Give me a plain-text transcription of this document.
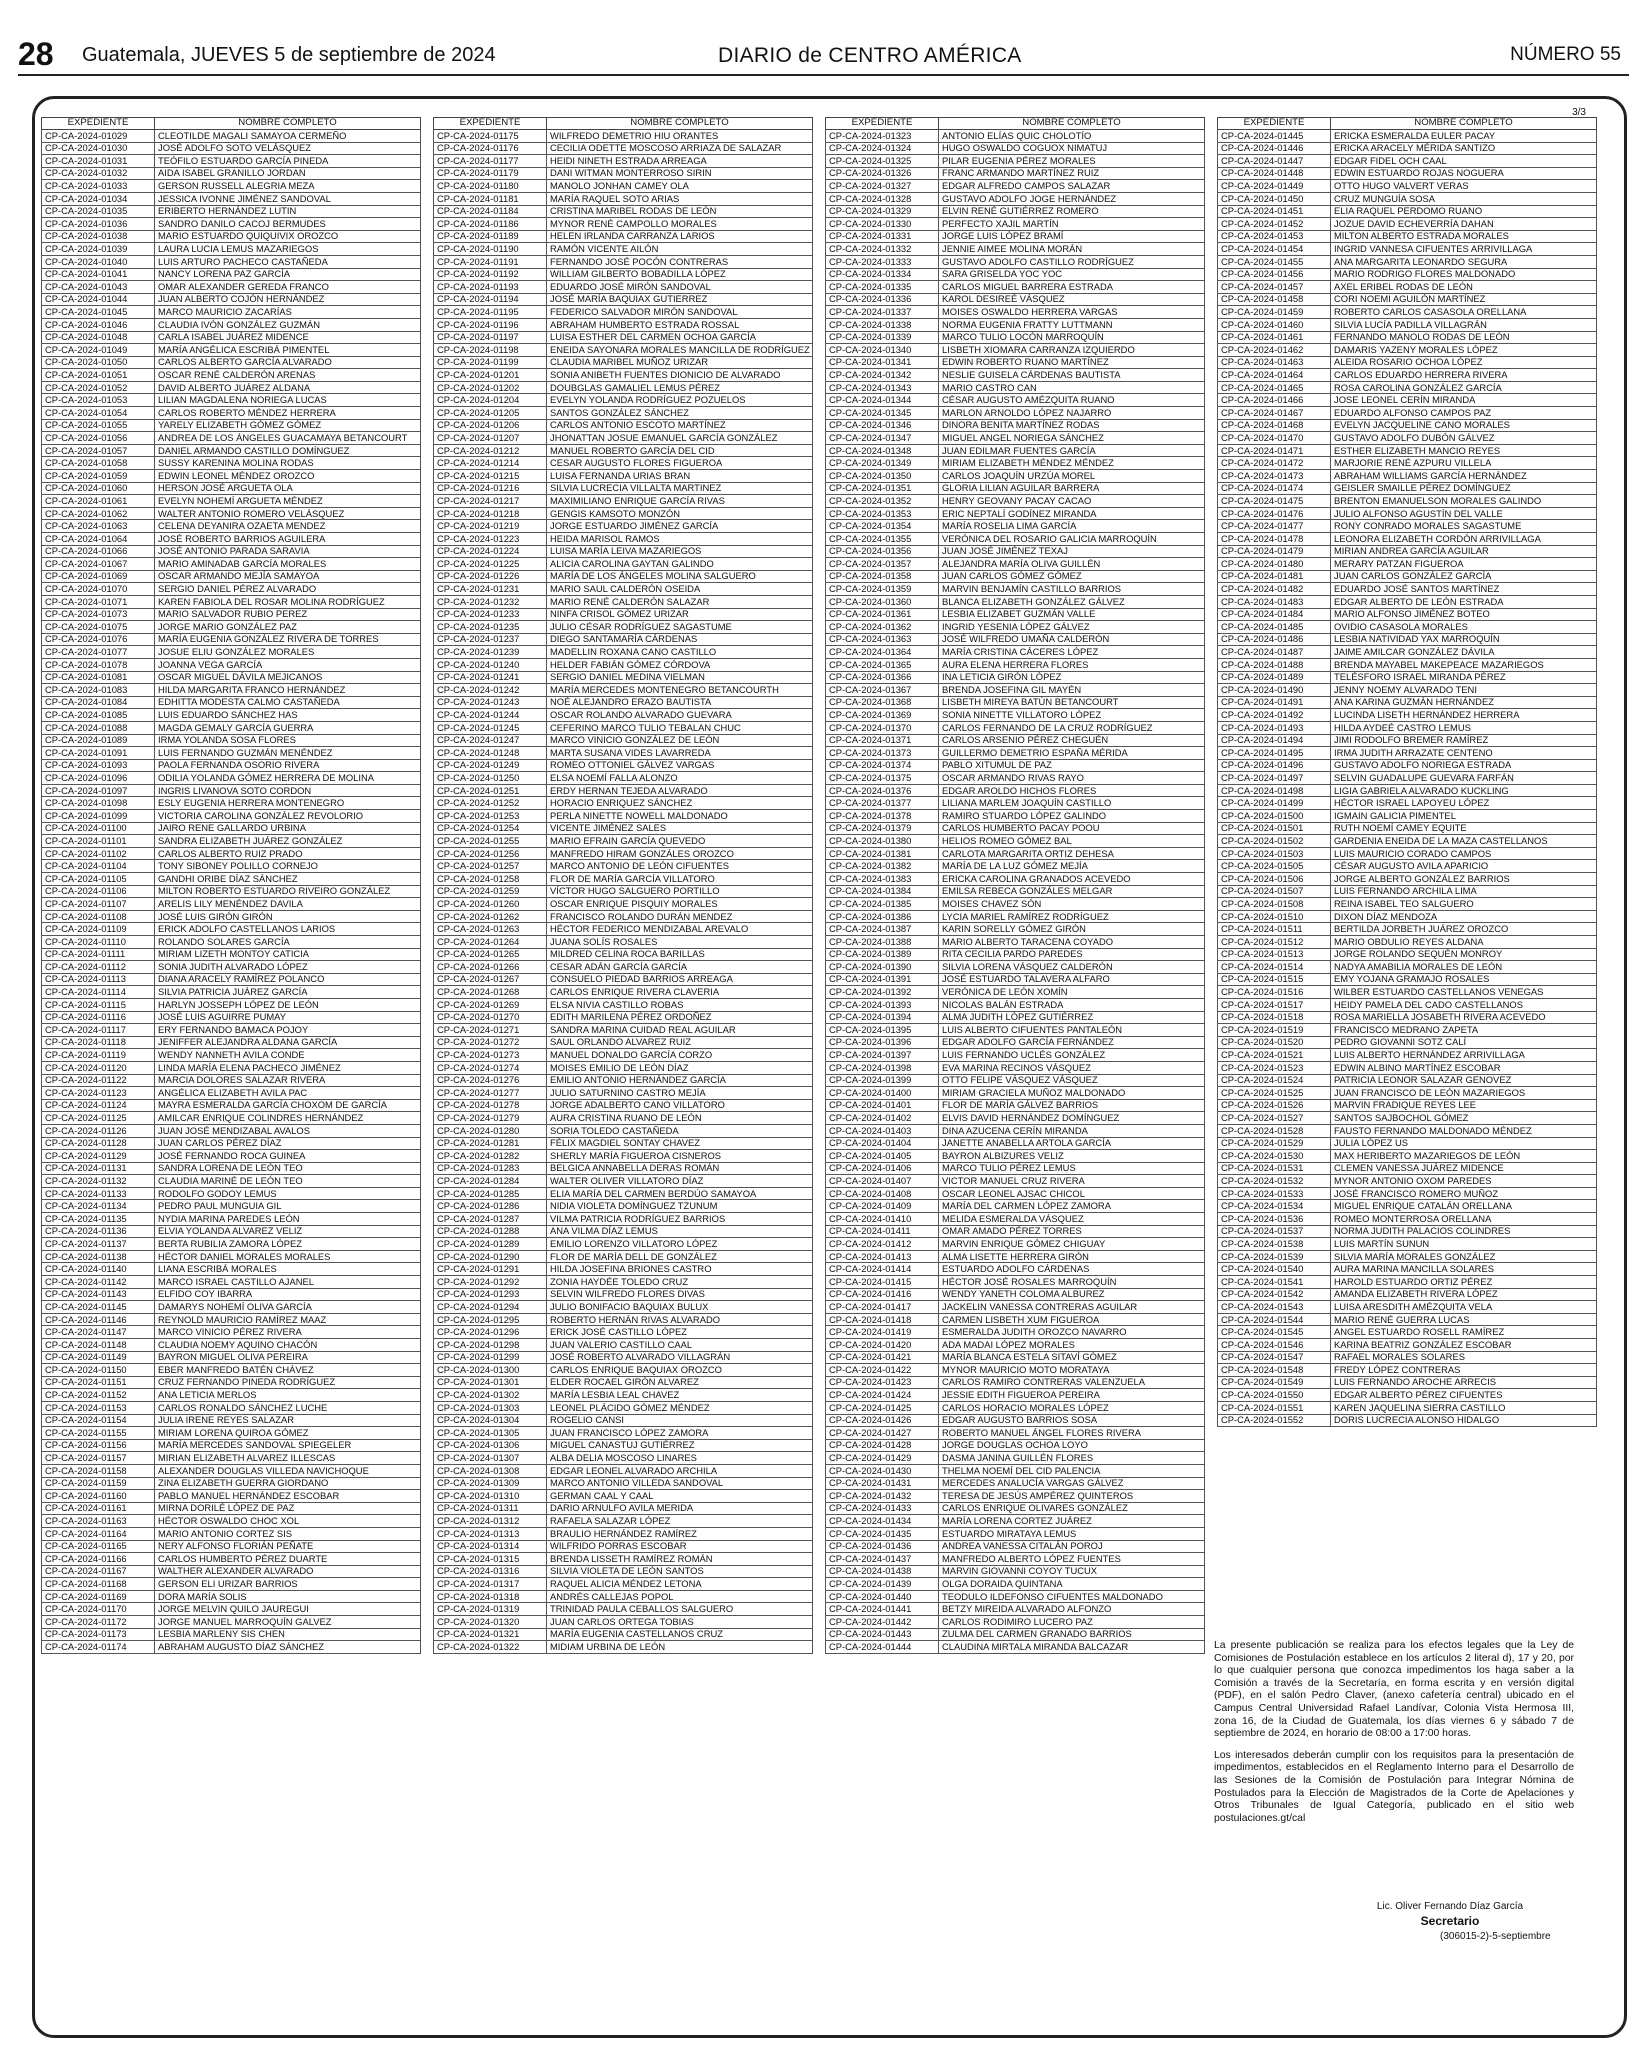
28 Guatemala, JUEVES 5 de septiembre de 2024	DIARIO de CENTRO AMÉRICA	NÚMERO 55
3/3
EXPEDIENTE	NOMBRE COMPLETO
CP-CA-2024-01029	CLEOTILDE MAGALI SAMAYOA CERMEÑO
CP-CA-2024-01030	JOSÉ ADOLFO SOTO VELÁSQUEZ
CP-CA-2024-01031	TEÓFILO ESTUARDO GARCÍA PINEDA
CP-CA-2024-01032	AIDA ISABEL GRANILLO JORDAN
CP-CA-2024-01033	GERSON RUSSELL ALEGRIA MEZA
CP-CA-2024-01034	JESSICA IVONNE JIMÉNEZ SANDOVAL
CP-CA-2024-01035	ERIBERTO HERNÁNDEZ LUTIN
CP-CA-2024-01036	SANDRO DANILO CACOJ BERMUDES
CP-CA-2024-01038	MARIO ESTUARDO QUIQUIVIX OROZCO
CP-CA-2024-01039	LAURA LUCIA LEMUS MAZARIEGOS
CP-CA-2024-01040	LUIS ARTURO PACHECO CASTAÑEDA
CP-CA-2024-01041	NANCY LORENA PAZ GARCÍA
CP-CA-2024-01043	OMAR ALEXANDER GEREDA FRANCO
CP-CA-2024-01044	JUAN ALBERTO COJÓN HERNÁNDEZ
CP-CA-2024-01045	MARCO MAURICIO ZACARÍAS
CP-CA-2024-01046	CLAUDIA IVÓN GONZÁLEZ GUZMÁN
CP-CA-2024-01048	CARLA ISABEL JUÁREZ MIDENCE
CP-CA-2024-01049	MARÍA ANGÉLICA ESCRIBÁ PIMENTEL
CP-CA-2024-01050	CARLOS ALBERTO GARCÍA ALVARADO
CP-CA-2024-01051	OSCAR RENÉ CALDERÓN ARENAS
CP-CA-2024-01052	DAVID ALBERTO JUÁREZ ALDANA
CP-CA-2024-01053	LILIAN MAGDALENA NORIEGA LUCAS
CP-CA-2024-01054	CARLOS ROBERTO MÉNDEZ HERRERA
CP-CA-2024-01055	YARELY ELIZABETH GÓMEZ GÓMEZ
CP-CA-2024-01056	ANDREA DE LOS ÁNGELES GUACAMAYA BETANCOURT
CP-CA-2024-01057	DANIEL ARMANDO CASTILLO DOMÍNGUEZ
CP-CA-2024-01058	SUSSY KARENINA MOLINA RODAS
CP-CA-2024-01059	EDWIN LEONEL MÉNDEZ OROZCO
CP-CA-2024-01060	HERSON JOSÉ ARGUETA OLA
CP-CA-2024-01061	EVELYN NOHEMÍ ARGUETA MÉNDEZ
CP-CA-2024-01062	WALTER ANTONIO ROMERO VELÁSQUEZ
CP-CA-2024-01063	CELENA DEYANIRA OZAETA MENDEZ
CP-CA-2024-01064	JOSÉ ROBERTO BARRIOS AGUILERA
CP-CA-2024-01066	JOSÉ ANTONIO PARADA SARAVIA
CP-CA-2024-01067	MARIO AMINADAB GARCÍA MORALES
CP-CA-2024-01069	OSCAR ARMANDO MEJÍA SAMAYOA
CP-CA-2024-01070	SERGIO DANIEL PÉREZ ALVARADO
CP-CA-2024-01071	KAREN FABIOLA DEL ROSAR MOLINA RODRÍGUEZ
CP-CA-2024-01073	MARIO SALVADOR RUBIO PEREZ
CP-CA-2024-01075	JORGE MARIO GONZÁLEZ PAZ
CP-CA-2024-01076	MARÍA EUGENIA GONZÁLEZ RIVERA DE TORRES
CP-CA-2024-01077	JOSUE ELIU GONZÁLEZ MORALES
CP-CA-2024-01078	JOANNA VEGA GARCÍA
CP-CA-2024-01081	OSCAR MIGUEL DÁVILA MEJICANOS
CP-CA-2024-01083	HILDA MARGARITA FRANCO HERNÁNDEZ
CP-CA-2024-01084	EDHITTA MODESTA CALMO CASTAÑEDA
CP-CA-2024-01085	LUIS EDUARDO SÁNCHEZ HAS
CP-CA-2024-01088	MAGDA GEMALY GARCÍA GUERRA
CP-CA-2024-01089	IRMA YOLANDA SOSA FLORES
CP-CA-2024-01091	LUIS FERNANDO GUZMÁN MENÉNDEZ
CP-CA-2024-01093	PAOLA FERNANDA OSORIO RIVERA
CP-CA-2024-01096	ODILIA YOLANDA GÓMEZ HERRERA DE MOLINA
CP-CA-2024-01097	INGRIS LIVANOVA SOTO CORDON
CP-CA-2024-01098	ESLY EUGENIA HERRERA MONTENEGRO
CP-CA-2024-01099	VICTORIA CAROLINA GONZÁLEZ REVOLORIO
CP-CA-2024-01100	JAIRO RENE GALLARDO URBINA
CP-CA-2024-01101	SANDRA ELIZABETH JUÁREZ GONZÁLEZ
CP-CA-2024-01102	CARLOS ALBERTO RUIZ PRADO
CP-CA-2024-01104	TONY SIBONEY POLILLO CORNEJO
CP-CA-2024-01105	GANDHI ORIBE DÍAZ SÁNCHEZ
CP-CA-2024-01106	MILTON ROBERTO ESTUARDO RIVEIRO GONZÁLEZ
CP-CA-2024-01107	ARELIS LILY MENÉNDEZ DAVILA
CP-CA-2024-01108	JOSÉ LUIS GIRÓN GIRÓN
CP-CA-2024-01109	ERICK ADOLFO CASTELLANOS LARIOS
CP-CA-2024-01110	ROLANDO SOLARES GARCÍA
CP-CA-2024-01111	MIRIAM LIZETH MONTOY CATICIA
CP-CA-2024-01112	SONIA JUDITH ALVARADO LÓPEZ
CP-CA-2024-01113	DIANA ARACELY RAMÍREZ POLANCO
CP-CA-2024-01114	SILVIA PATRICIA JUÁREZ GARCÍA
CP-CA-2024-01115	HARLYN JOSSEPH LÓPEZ DE LEÓN
CP-CA-2024-01116	JOSÉ LUIS AGUIRRE PUMAY
CP-CA-2024-01117	ERY FERNANDO BAMACA POJOY
CP-CA-2024-01118	JENIFFER ALEJANDRA ALDANA GARCÍA
CP-CA-2024-01119	WENDY NANNETH AVILA CONDE
CP-CA-2024-01120	LINDA MARÍA ELENA PACHECO JIMÉNEZ
CP-CA-2024-01122	MARCIA DOLORES SALAZAR RIVERA
CP-CA-2024-01123	ANGÉLICA ELIZABETH AVILA PAC
CP-CA-2024-01124	MAYRA ESMERALDA GARCÍA CHOXOM DE GARCÍA
CP-CA-2024-01125	AMILCAR ENRIQUE COLINDRES HERNÁNDEZ
CP-CA-2024-01126	JUAN JOSÉ MENDIZABAL AVALOS
CP-CA-2024-01128	JUAN CARLOS PÉREZ DÍAZ
CP-CA-2024-01129	JOSÉ FERNANDO ROCA GUINEA
CP-CA-2024-01131	SANDRA LORENA DE LEÓN TEO
CP-CA-2024-01132	CLAUDIA MARINÉ DE LEÓN TEO
CP-CA-2024-01133	RODOLFO GODOY LEMUS
CP-CA-2024-01134	PEDRO PAUL MUNGUIA GIL
CP-CA-2024-01135	NYDIA MARINA PAREDES LEÓN
CP-CA-2024-01136	ELVIA YOLANDA ALVAREZ VELIZ
CP-CA-2024-01137	BERTA RUBILIA ZAMORA LÓPEZ
CP-CA-2024-01138	HÉCTOR DANIEL MORALES MORALES
CP-CA-2024-01140	LIANA ESCRIBÁ MORALES
CP-CA-2024-01142	MARCO ISRAEL CASTILLO AJANEL
CP-CA-2024-01143	ELFIDO COY IBARRA
CP-CA-2024-01145	DAMARYS NOHEMÍ OLIVA GARCÍA
CP-CA-2024-01146	REYNOLD MAURICIO RAMÍREZ MAAZ
CP-CA-2024-01147	MARCO VINICIO PÉREZ RIVERA
CP-CA-2024-01148	CLAUDIA NOEMY AQUINO CHACÓN
CP-CA-2024-01149	BAYRON MIGUEL OLIVA PEREIRA
CP-CA-2024-01150	EBER MANFREDO BATÉN CHÁVEZ
CP-CA-2024-01151	CRUZ FERNANDO PINEDA RODRÍGUEZ
CP-CA-2024-01152	ANA LETICIA MERLOS
CP-CA-2024-01153	CARLOS RONALDO SÁNCHEZ LUCHE
CP-CA-2024-01154	JULIA IRENE REYES SALAZAR
CP-CA-2024-01155	MIRIAM LORENA QUIROA GÓMEZ
CP-CA-2024-01156	MARÍA MERCEDES SANDOVAL SPIEGELER
CP-CA-2024-01157	MIRIAN ELIZABETH ALVAREZ ILLESCAS
CP-CA-2024-01158	ALEXANDER DOUGLAS VILLEDA NAVICHOQUE
CP-CA-2024-01159	ZINA ELIZABETH GUERRA GIORDANO
CP-CA-2024-01160	PABLO MANUEL HERNÁNDEZ ESCOBAR
CP-CA-2024-01161	MIRNA DORILÉ LÓPEZ DE PAZ
CP-CA-2024-01163	HÉCTOR OSWALDO CHOC XOL
CP-CA-2024-01164	MARIO ANTONIO CORTEZ SIS
CP-CA-2024-01165	NERY ALFONSO FLORIÁN PEÑATE
CP-CA-2024-01166	CARLOS HUMBERTO PÉREZ DUARTE
CP-CA-2024-01167	WALTHER ALEXANDER ALVARADO
CP-CA-2024-01168	GERSON ELI URIZAR BARRIOS
CP-CA-2024-01169	DORA MARÍA SOLIS
CP-CA-2024-01170	JORGE MELVIN QUILO JAUREGUI
CP-CA-2024-01172	JORGE MANUEL MARROQUÍN GALVEZ
CP-CA-2024-01173	LESBIA MARLENY SIS CHEN
CP-CA-2024-01174	ABRAHAM AUGUSTO DÍAZ SÁNCHEZ
EXPEDIENTE	NOMBRE COMPLETO
CP-CA-2024-01175	WILFREDO DEMETRIO HIU ORANTES
CP-CA-2024-01176	CECILIA ODETTE MOSCOSO ARRIAZA DE SALAZAR
CP-CA-2024-01177	HEIDI NINETH ESTRADA ARREAGA
CP-CA-2024-01179	DANI WITMAN MONTERROSO SIRIN
CP-CA-2024-01180	MANOLO JONHAN CAMEY OLA
CP-CA-2024-01181	MARÍA RAQUEL SOTO ARIAS
CP-CA-2024-01184	CRISTINA MARIBEL RODAS DE LEÓN
CP-CA-2024-01186	MYNOR RENÉ CAMPOLLO MORALES
CP-CA-2024-01189	HELEN IRLANDA CARRANZA LARIOS
CP-CA-2024-01190	RAMÓN VICENTE AILÓN
CP-CA-2024-01191	FERNANDO JOSÉ POCÓN CONTRERAS
CP-CA-2024-01192	WILLIAM GILBERTO BOBADILLA LÓPEZ
CP-CA-2024-01193	EDUARDO JOSÉ MIRÓN SANDOVAL
CP-CA-2024-01194	JOSÉ MARÍA BAQUIAX GUTIERREZ
CP-CA-2024-01195	FEDERICO SALVADOR MIRÓN SANDOVAL
CP-CA-2024-01196	ABRAHAM HUMBERTO ESTRADA ROSSAL
CP-CA-2024-01197	LUISA ESTHER DEL CARMEN OCHOA GARCÍA
CP-CA-2024-01198	ENEIDA SAYONARA MORALES MANCILLA DE RODRÍGUEZ
CP-CA-2024-01199	CLAUDIA MARIBEL MUÑOZ URIZAR
CP-CA-2024-01201	SONIA ANIBETH FUENTES DIONICIO DE ALVARADO
CP-CA-2024-01202	DOUBGLAS GAMALIEL LEMUS PÉREZ
CP-CA-2024-01204	EVELYN YOLANDA RODRÍGUEZ POZUELOS
CP-CA-2024-01205	SANTOS GONZÁLEZ SÁNCHEZ
CP-CA-2024-01206	CARLOS ANTONIO ESCOTO MARTÍNEZ
CP-CA-2024-01207	JHONATTAN JOSUE EMANUEL GARCÍA GONZÁLEZ
CP-CA-2024-01212	MANUEL ROBERTO GARCÍA DEL CID
CP-CA-2024-01214	CESAR AUGUSTO FLORES FIGUEROA
CP-CA-2024-01215	LUISA FERNANDA URIAS BRAN
CP-CA-2024-01216	SILVIA LUCRECIA VILLALTA MARTINEZ
CP-CA-2024-01217	MAXIMILIANO ENRIQUE GARCÍA RIVAS
CP-CA-2024-01218	GENGIS KAMSOTO MONZÓN
CP-CA-2024-01219	JORGE ESTUARDO JIMÉNEZ GARCÍA
CP-CA-2024-01223	HEIDA MARISOL RAMOS
CP-CA-2024-01224	LUISA MARÍA LEIVA MAZARIEGOS
CP-CA-2024-01225	ALICIA CAROLINA GAYTAN GALINDO
CP-CA-2024-01226	MARÍA DE LOS ÁNGELES MOLINA SALGUERO
CP-CA-2024-01231	MARIO SAUL CALDERÓN OSEIDA
CP-CA-2024-01232	MARIO RENÉ CALDERÓN SALAZAR
CP-CA-2024-01233	NINFA CRISOL GÓMEZ URIZAR
CP-CA-2024-01235	JULIO CÉSAR RODRÍGUEZ SAGASTUME
CP-CA-2024-01237	DIEGO SANTAMARÍA CÁRDENAS
CP-CA-2024-01239	MADELLIN ROXANA CANO CASTILLO
CP-CA-2024-01240	HELDER FABIÁN GÓMEZ CÓRDOVA
CP-CA-2024-01241	SERGIO DANIEL MEDINA VIELMAN
CP-CA-2024-01242	MARÍA MERCEDES MONTENEGRO BETANCOURTH
CP-CA-2024-01243	NOÉ ALEJANDRO ERAZO BAUTISTA
CP-CA-2024-01244	OSCAR ROLANDO ALVARADO GUEVARA
CP-CA-2024-01245	CEFERINO MARCO TULIO TEBALAN CHUC
CP-CA-2024-01247	MARCO VINICIO GONZÁLEZ DE LEÓN
CP-CA-2024-01248	MARTA SUSANA VIDES LAVARREDA
CP-CA-2024-01249	ROMEO OTTONIEL GÁLVEZ VARGAS
CP-CA-2024-01250	ELSA NOEMÍ FALLA ALONZO
CP-CA-2024-01251	ERDY HERNAN TEJEDA ALVARADO
CP-CA-2024-01252	HORACIO ENRIQUEZ SÁNCHEZ
CP-CA-2024-01253	PERLA NINETTE NOWELL MALDONADO
CP-CA-2024-01254	VICENTE JIMÉNEZ SALES
CP-CA-2024-01255	MARIO EFRAIN GARCÍA QUEVEDO
CP-CA-2024-01256	MANFREDO HIRAM GONZÁLES OROZCO
CP-CA-2024-01257	MARCO ANTONIO DE LEÓN CIFUENTES
CP-CA-2024-01258	FLOR DE MARÍA GARCÍA VILLATORO
CP-CA-2024-01259	VÍCTOR HUGO SALGUERO PORTILLO
CP-CA-2024-01260	OSCAR ENRIQUE PISQUIY MORALES
CP-CA-2024-01262	FRANCISCO ROLANDO DURÁN MENDEZ
CP-CA-2024-01263	HÉCTOR FEDERICO MENDIZABAL AREVALO
CP-CA-2024-01264	JUANA SOLÍS ROSALES
CP-CA-2024-01265	MILDRED CELINA ROCA BARILLAS
CP-CA-2024-01266	CESAR ADÁN GARCÍA GARCÍA
CP-CA-2024-01267	CONSUELO PIEDAD BARRIOS ARREAGA
CP-CA-2024-01268	CARLOS ENRIQUE RIVERA CLAVERIA
CP-CA-2024-01269	ELSA NIVIA CASTILLO ROBAS
CP-CA-2024-01270	EDITH MARILENA PÉREZ ORDOÑEZ
CP-CA-2024-01271	SANDRA MARINA CUIDAD REAL AGUILAR
CP-CA-2024-01272	SAUL ORLANDO ALVAREZ RUIZ
CP-CA-2024-01273	MANUEL DONALDO GARCÍA CORZO
CP-CA-2024-01274	MOISES EMILIO DE LEÓN DÍAZ
CP-CA-2024-01276	EMILIO ANTONIO HERNÁNDEZ GARCÍA
CP-CA-2024-01277	JULIO SATURNINO CASTRO MEJÍA
CP-CA-2024-01278	JORGE ADALBERTO CANO VILLATORO
CP-CA-2024-01279	AURA CRISTINA RUANO DE LEÓN
CP-CA-2024-01280	SORIA TOLEDO CASTAÑEDA
CP-CA-2024-01281	FÉLIX MAGDIEL SONTAY CHAVEZ
CP-CA-2024-01282	SHERLY MARÍA FIGUEROA CISNEROS
CP-CA-2024-01283	BELGICA ANNABELLA DERAS ROMÁN
CP-CA-2024-01284	WALTER OLIVER VILLATORO DÍAZ
CP-CA-2024-01285	ELIA MARÍA DEL CARMEN BERDÚO SAMAYOA
CP-CA-2024-01286	NIDIA VIOLETA DOMÍNGUEZ TZUNUM
CP-CA-2024-01287	VILMA PATRICIA RODRÍGUEZ BARRIOS
CP-CA-2024-01288	ANA VILMA DÍAZ LEMUS
CP-CA-2024-01289	EMILIO LORENZO VILLATORO LÓPEZ
CP-CA-2024-01290	FLOR DE MARÍA DELL DE GONZÁLEZ
CP-CA-2024-01291	HILDA JOSEFINA BRIONES CASTRO
CP-CA-2024-01292	ZONIA HAYDÉE TOLEDO CRUZ
CP-CA-2024-01293	SELVIN WILFREDO FLORES DIVAS
CP-CA-2024-01294	JULIO BONIFACIO BAQUIAX BULUX
CP-CA-2024-01295	ROBERTO HERNÁN RIVAS ALVARADO
CP-CA-2024-01296	ERICK JOSÉ CASTILLO LÓPEZ
CP-CA-2024-01298	JUAN VALERIO CASTILLO CAAL
CP-CA-2024-01299	JOSÉ ROBERTO ALVARADO VILLAGRÁN
CP-CA-2024-01300	CARLOS ENRIQUE BAQUIAX OROZCO
CP-CA-2024-01301	ELDER ROCAEL GIRÓN ALVAREZ
CP-CA-2024-01302	MARÍA LESBIA LEAL CHAVEZ
CP-CA-2024-01303	LEONEL PLÁCIDO GÓMEZ MÉNDEZ
CP-CA-2024-01304	ROGELIO CANSI
CP-CA-2024-01305	JUAN FRANCISCO LÓPEZ ZAMORA
CP-CA-2024-01306	MIGUEL CANASTUJ GUTIÉRREZ
CP-CA-2024-01307	ALBA DELIA MOSCOSO LINARES
CP-CA-2024-01308	EDGAR LEONEL ALVARADO ARCHILA
CP-CA-2024-01309	MARCO ANTONIO VILLEDA SANDOVAL
CP-CA-2024-01310	GERMAN CAAL Y CAAL
CP-CA-2024-01311	DARIO ARNULFO AVILA MERIDA
CP-CA-2024-01312	RAFAELA SALAZAR LÓPEZ
CP-CA-2024-01313	BRAULIO HERNÁNDEZ RAMÍREZ
CP-CA-2024-01314	WILFRIDO PORRAS ESCOBAR
CP-CA-2024-01315	BRENDA LISSETH RAMÍREZ ROMÁN
CP-CA-2024-01316	SILVIA VIOLETA DE LEÓN SANTOS
CP-CA-2024-01317	RAQUEL ALICIA MÉNDEZ LETONA
CP-CA-2024-01318	ANDRÉS CALLEJAS POPOL
CP-CA-2024-01319	TRINIDAD PAULA CEBALLOS SALGUERO
CP-CA-2024-01320	JUAN CARLOS ORTEGA TOBIAS
CP-CA-2024-01321	MARÍA EUGENIA CASTELLANOS CRUZ
CP-CA-2024-01322	MIDIAM URBINA DE LEÓN
EXPEDIENTE	NOMBRE COMPLETO
CP-CA-2024-01323	ANTONIO ELÍAS QUIC CHOLOTÍO
CP-CA-2024-01324	HUGO OSWALDO COGUOX NIMATUJ
CP-CA-2024-01325	PILAR EUGENIA PÉREZ MORALES
CP-CA-2024-01326	FRANC ARMANDO MARTÍNEZ RUIZ
CP-CA-2024-01327	EDGAR ALFREDO CAMPOS SALAZAR
CP-CA-2024-01328	GUSTAVO ADOLFO JOGE HERNÁNDEZ
CP-CA-2024-01329	ELVIN RENÉ GUTIÉRREZ ROMERO
CP-CA-2024-01330	PERFECTO XAJIL MARTÍN
CP-CA-2024-01331	JORGE LUIS LÓPEZ BRAMÍ
CP-CA-2024-01332	JENNIE AIMEE MOLINA MORÁN
CP-CA-2024-01333	GUSTAVO ADOLFO CASTILLO RODRÍGUEZ
CP-CA-2024-01334	SARA GRISELDA YOC YOC
CP-CA-2024-01335	CARLOS MIGUEL BARRERA ESTRADA
CP-CA-2024-01336	KAROL DESIREÉ VÁSQUEZ
CP-CA-2024-01337	MOISES OSWALDO HERRERA VARGAS
CP-CA-2024-01338	NORMA EUGENIA FRATTY LUTTMANN
CP-CA-2024-01339	MARCO TULIO LOCÓN MARROQUÍN
CP-CA-2024-01340	LISBETH XIOMARA CARRANZA IZQUIERDO
CP-CA-2024-01341	EDWIN ROBERTO RUANO MARTÍNEZ
CP-CA-2024-01342	NESLIE GUISELA CÁRDENAS BAUTISTA
CP-CA-2024-01343	MARIO CASTRO CAN
CP-CA-2024-01344	CÉSAR AUGUSTO AMÉZQUITA RUANO
CP-CA-2024-01345	MARLON ARNOLDO LÓPEZ NAJARRO
CP-CA-2024-01346	DINORA BENITA MARTÍNEZ RODAS
CP-CA-2024-01347	MIGUEL ANGEL NORIEGA SÁNCHEZ
CP-CA-2024-01348	JUAN EDILMAR FUENTES GARCÍA
CP-CA-2024-01349	MIRIAM ELIZABETH MÉNDEZ MÉNDEZ
CP-CA-2024-01350	CARLOS JOAQUÍN URZÚA MOREL
CP-CA-2024-01351	GLORIA LILIAN AGUILAR BARRERA
CP-CA-2024-01352	HENRY GEOVANY PACAY CACAO
CP-CA-2024-01353	ERIC NEPTALÍ GODÍNEZ MIRANDA
CP-CA-2024-01354	MARÍA ROSELIA LIMA GARCÍA
CP-CA-2024-01355	VERÓNICA DEL ROSARIO GALICIA MARROQUÍN
CP-CA-2024-01356	JUAN JOSÉ JIMÉNEZ TEXAJ
CP-CA-2024-01357	ALEJANDRA MARÍA OLIVA GUILLÉN
CP-CA-2024-01358	JUAN CARLOS GÓMEZ GÓMEZ
CP-CA-2024-01359	MARVIN BENJAMÍN CASTILLO BARRIOS
CP-CA-2024-01360	BLANCA ELIZABETH GONZÁLEZ GÁLVEZ
CP-CA-2024-01361	LESBIA ELIZABET GUZMÁN VALLE
CP-CA-2024-01362	INGRID YESENIA LÓPEZ GÁLVEZ
CP-CA-2024-01363	JOSÉ WILFREDO UMAÑA CALDERÓN
CP-CA-2024-01364	MARÍA CRISTINA CÁCERES LÓPEZ
CP-CA-2024-01365	AURA ELENA HERRERA FLORES
CP-CA-2024-01366	INA LETICIA GIRÓN LÓPEZ
CP-CA-2024-01367	BRENDA JOSEFINA GIL MAYÉN
CP-CA-2024-01368	LISBETH MIREYA BATÚN BETANCOURT
CP-CA-2024-01369	SONIA NINETTE VILLATORO LÓPEZ
CP-CA-2024-01370	CARLOS FERNANDO DE LA CRUZ RODRÍGUEZ
CP-CA-2024-01371	CARLOS ARSENIO PÉREZ CHEGUÉN
CP-CA-2024-01373	GUILLERMO DEMETRIO ESPAÑA MÉRIDA
CP-CA-2024-01374	PABLO XITUMUL DE PAZ
CP-CA-2024-01375	OSCAR ARMANDO RIVAS RAYO
CP-CA-2024-01376	EDGAR AROLDO HICHOS FLORES
CP-CA-2024-01377	LILIANA MARLEM JOAQUÍN CASTILLO
CP-CA-2024-01378	RAMIRO STUARDO LÓPEZ GALINDO
CP-CA-2024-01379	CARLOS HUMBERTO PACAY POOU
CP-CA-2024-01380	HELIOS ROMEO GÓMEZ BAL
CP-CA-2024-01381	CARLOTA MARGARITA ORTIZ DEHESA
CP-CA-2024-01382	MARÍA DE LA LUZ GÓMEZ MEJÍA
CP-CA-2024-01383	ERICKA CAROLINA GRANADOS ACEVEDO
CP-CA-2024-01384	EMILSA REBECA GONZÁLES MELGAR
CP-CA-2024-01385	MOISES CHAVEZ SÓN
CP-CA-2024-01386	LYCIA MARIEL RAMÍREZ RODRÍGUEZ
CP-CA-2024-01387	KARIN SORELLY GÓMEZ GIRÓN
CP-CA-2024-01388	MARIO ALBERTO TARACENA COYADO
CP-CA-2024-01389	RITA CECILIA PARDO PAREDES
CP-CA-2024-01390	SILVIA LORENA VÁSQUEZ CALDERÓN
CP-CA-2024-01391	JOSÉ ESTUARDO TALAVERA ALFARO
CP-CA-2024-01392	VERÓNICA DE LEÓN XOMÍN
CP-CA-2024-01393	NICOLAS BALÁN ESTRADA
CP-CA-2024-01394	ALMA JUDITH LÓPEZ GUTIÉRREZ
CP-CA-2024-01395	LUIS ALBERTO CIFUENTES PANTALEÓN
CP-CA-2024-01396	EDGAR ADOLFO GARCÍA FERNÁNDEZ
CP-CA-2024-01397	LUIS FERNANDO UCLÉS GONZÁLEZ
CP-CA-2024-01398	EVA MARINA RECINOS VÁSQUEZ
CP-CA-2024-01399	OTTO FELIPE VÁSQUEZ VÁSQUEZ
CP-CA-2024-01400	MIRIAM GRACIELA MUÑOZ MALDONADO
CP-CA-2024-01401	FLOR DE MARÍA GÁLVEZ BARRIOS
CP-CA-2024-01402	ELVIS DAVID HERNÁNDEZ DOMÍNGUEZ
CP-CA-2024-01403	DINA AZUCENA CERÍN MIRANDA
CP-CA-2024-01404	JANETTE ANABELLA ARTOLA GARCÍA
CP-CA-2024-01405	BAYRON ALBIZURES VELIZ
CP-CA-2024-01406	MARCO TULIO PÉREZ LEMUS
CP-CA-2024-01407	VICTOR MANUEL CRUZ RIVERA
CP-CA-2024-01408	OSCAR LEONEL AJSAC CHICOL
CP-CA-2024-01409	MARÍA DEL CARMEN LÓPEZ ZAMORA
CP-CA-2024-01410	MELIDA ESMERALDA VÁSQUEZ
CP-CA-2024-01411	OMAR AMADO PÉREZ TORRES
CP-CA-2024-01412	MARVIN ENRIQUE GÓMEZ CHIGUAY
CP-CA-2024-01413	ALMA LISETTE HERRERA GIRÓN
CP-CA-2024-01414	ESTUARDO ADOLFO CÁRDENAS
CP-CA-2024-01415	HÉCTOR JOSÉ ROSALES MARROQUÍN
CP-CA-2024-01416	WENDY YANETH COLOMA ALBUREZ
CP-CA-2024-01417	JACKELIN VANESSA CONTRERAS AGUILAR
CP-CA-2024-01418	CARMEN LISBETH XUM FIGUEROA
CP-CA-2024-01419	ESMERALDA JUDITH OROZCO NAVARRO
CP-CA-2024-01420	ADA MADAI LÓPEZ MORALES
CP-CA-2024-01421	MARÍA BLANCA ESTELA SITAVÍ GÓMEZ
CP-CA-2024-01422	MYNOR MAURICIO MOTO MORATAYA
CP-CA-2024-01423	CARLOS RAMIRO CONTRERAS VALENZUELA
CP-CA-2024-01424	JESSIE EDITH FIGUEROA PEREIRA
CP-CA-2024-01425	CARLOS HORACIO MORALES LÓPEZ
CP-CA-2024-01426	EDGAR AUGUSTO BARRIOS SOSA
CP-CA-2024-01427	ROBERTO MANUEL ÁNGEL FLORES RIVERA
CP-CA-2024-01428	JORGE DOUGLAS OCHOA LOYO
CP-CA-2024-01429	DASMA JANINA GUILLÉN FLORES
CP-CA-2024-01430	THELMA NOEMÍ DEL CID PALENCIA
CP-CA-2024-01431	MERCEDES ANALUCÍA VARGAS GÁLVEZ
CP-CA-2024-01432	TERESA DE JESÚS AMPÉREZ QUINTEROS
CP-CA-2024-01433	CARLOS ENRIQUE OLIVARES GONZÁLEZ
CP-CA-2024-01434	MARÍA LORENA CORTEZ JUÁREZ
CP-CA-2024-01435	ESTUARDO MIRATAYA LEMUS
CP-CA-2024-01436	ANDREA VANESSA CITALÁN POROJ
CP-CA-2024-01437	MANFREDO ALBERTO LÓPEZ FUENTES
CP-CA-2024-01438	MARVIN GIOVANNI COYOY TUCUX
CP-CA-2024-01439	OLGA DORAIDA QUINTANA
CP-CA-2024-01440	TEODULO ILDEFONSO CIFUENTES MALDONADO
CP-CA-2024-01441	BETZY MIREIDA ALVARADO ALFONZO
CP-CA-2024-01442	CARLOS RODIMIRO LUCERO PAZ
CP-CA-2024-01443	ZULMA DEL CARMEN GRANADO BARRIOS
CP-CA-2024-01444	CLAUDINA MIRTALA MIRANDA BALCAZAR
EXPEDIENTE	NOMBRE COMPLETO
CP-CA-2024-01445	ERICKA ESMERALDA EULER PACAY
CP-CA-2024-01446	ERICKA ARACELY MÉRIDA SANTIZO
CP-CA-2024-01447	EDGAR FIDEL OCH CAAL
CP-CA-2024-01448	EDWIN ESTUARDO ROJAS NOGUERA
CP-CA-2024-01449	OTTO HUGO VALVERT VERAS
CP-CA-2024-01450	CRUZ MUNGUÍA SOSA
CP-CA-2024-01451	ELIA RAQUEL PERDOMO RUANO
CP-CA-2024-01452	JOZUE DAVID ECHEVERRÍA DAHAN
CP-CA-2024-01453	MILTON ALBERTO ESTRADA MORALES
CP-CA-2024-01454	INGRID VANNESA CIFUENTES ARRIVILLAGA
CP-CA-2024-01455	ANA MARGARITA LEONARDO SEGURA
CP-CA-2024-01456	MARIO RODRIGO FLORES MALDONADO
CP-CA-2024-01457	AXEL ERIBEL RODAS DE LEÓN
CP-CA-2024-01458	CORI NOEMI AGUILÓN MARTÍNEZ
CP-CA-2024-01459	ROBERTO CARLOS CASASOLA ORELLANA
CP-CA-2024-01460	SILVIA LUCÍA PADILLA VILLAGRÁN
CP-CA-2024-01461	FERNANDO MANOLO RODAS DE LEÓN
CP-CA-2024-01462	DAMARIS YAZENY MORALES LÓPEZ
CP-CA-2024-01463	ALEIDA ROSARIO OCHOA LÓPEZ
CP-CA-2024-01464	CARLOS EDUARDO HERRERA RIVERA
CP-CA-2024-01465	ROSA CAROLINA GONZÁLEZ GARCÍA
CP-CA-2024-01466	JOSE LEONEL CERÍN MIRANDA
CP-CA-2024-01467	EDUARDO ALFONSO CAMPOS PAZ
CP-CA-2024-01468	EVELYN JACQUELINE CANO MORALES
CP-CA-2024-01470	GUSTAVO ADOLFO DUBÓN GÁLVEZ
CP-CA-2024-01471	ESTHER ELIZABETH MANCIO REYES
CP-CA-2024-01472	MARJORIE RENÉ AZPURU VILLELA
CP-CA-2024-01473	ABRAHAM WILLIAMS GARCÍA HERNÁNDEZ
CP-CA-2024-01474	GEISLER SMAILLE PÉREZ DOMÍNGUEZ
CP-CA-2024-01475	BRENTON EMANUELSON MORALES GALINDO
CP-CA-2024-01476	JULIO ALFONSO AGUSTÍN DEL VALLE
CP-CA-2024-01477	RONY CONRADO MORALES SAGASTUME
CP-CA-2024-01478	LEONORA ELIZABETH CORDÓN ARRIVILLAGA
CP-CA-2024-01479	MIRIAN ANDREA GARCÍA AGUILAR
CP-CA-2024-01480	MERARY PATZAN FIGUEROA
CP-CA-2024-01481	JUAN CARLOS GONZÁLEZ GARCÍA
CP-CA-2024-01482	EDUARDO JOSÉ SANTOS MARTÍNEZ
CP-CA-2024-01483	EDGAR ALBERTO DE LEÓN ESTRADA
CP-CA-2024-01484	MARIO ALFONSO JIMÉNEZ BOTEO
CP-CA-2024-01485	OVIDIO CASASOLA MORALES
CP-CA-2024-01486	LESBIA NATIVIDAD YAX MARROQUÍN
CP-CA-2024-01487	JAIME AMILCAR GONZÁLEZ DÁVILA
CP-CA-2024-01488	BRENDA MAYABEL MAKEPEACE MAZARIEGOS
CP-CA-2024-01489	TELÉSFORO ISRAEL MIRANDA PÉREZ
CP-CA-2024-01490	JENNY NOEMY ALVARADO TENI
CP-CA-2024-01491	ANA KARINA GUZMÁN HERNÁNDEZ
CP-CA-2024-01492	LUCINDA LISETH HERNÁNDEZ HERRERA
CP-CA-2024-01493	HILDA AYDEÉ CASTRO LEMUS
CP-CA-2024-01494	JIMI RODOLFO BREMER RAMÍREZ
CP-CA-2024-01495	IRMA JUDITH ARRAZATE CENTENO
CP-CA-2024-01496	GUSTAVO ADOLFO NORIEGA ESTRADA
CP-CA-2024-01497	SELVIN GUADALUPE GUEVARA FARFÁN
CP-CA-2024-01498	LIGIA GABRIELA ALVARADO KUCKLING
CP-CA-2024-01499	HÉCTOR ISRAEL LAPOYEU LÓPEZ
CP-CA-2024-01500	IGMAIN GALICIA PIMENTEL
CP-CA-2024-01501	RUTH NOEMÍ CAMEY EQUITE
CP-CA-2024-01502	GARDENIA ENEIDA DE LA MAZA CASTELLANOS
CP-CA-2024-01503	LUIS MAURICIO CORADO CAMPOS
CP-CA-2024-01505	CÉSAR AUGUSTO AVILA APARICIO
CP-CA-2024-01506	JORGE ALBERTO GONZÁLEZ BARRIOS
CP-CA-2024-01507	LUIS FERNANDO ARCHILA LIMA
CP-CA-2024-01508	REINA ISABEL TEO SALGUERO
CP-CA-2024-01510	DIXON DÍAZ MENDOZA
CP-CA-2024-01511	BERTILDA JORBETH JUÁREZ OROZCO
CP-CA-2024-01512	MARIO OBDULIO REYES ALDANA
CP-CA-2024-01513	JORGE ROLANDO SEQUÉN MONROY
CP-CA-2024-01514	NADYA AMABILIA MORALES DE LEÓN
CP-CA-2024-01515	EMY YOJANA GRAMAJO ROSALES
CP-CA-2024-01516	WILBER ESTUARDO CASTELLANOS VENEGAS
CP-CA-2024-01517	HEIDY PAMELA DEL CADO CASTELLANOS
CP-CA-2024-01518	ROSA MARIELLA JOSABETH RIVERA ACEVEDO
CP-CA-2024-01519	FRANCISCO MEDRANO ZAPETA
CP-CA-2024-01520	PEDRO GIOVANNI SOTZ CALÍ
CP-CA-2024-01521	LUIS ALBERTO HERNÁNDEZ ARRIVILLAGA
CP-CA-2024-01523	EDWIN ALBINO MARTÍNEZ ESCOBAR
CP-CA-2024-01524	PATRICIA LEONOR SALAZAR GENOVEZ
CP-CA-2024-01525	JUAN FRANCISCO DE LEÓN MAZARIEGOS
CP-CA-2024-01526	MARVIN FRADIQUE REYES LEE
CP-CA-2024-01527	SANTOS SAJBOCHOL GÓMEZ
CP-CA-2024-01528	FAUSTO FERNANDO MALDONADO MÉNDEZ
CP-CA-2024-01529	JULIA LÓPEZ US
CP-CA-2024-01530	MAX HERIBERTO MAZARIEGOS DE LEÓN
CP-CA-2024-01531	CLEMEN VANESSA JUÁREZ MIDENCE
CP-CA-2024-01532	MYNOR ANTONIO OXOM PAREDES
CP-CA-2024-01533	JOSÉ FRANCISCO ROMERO MUÑOZ
CP-CA-2024-01534	MIGUEL ENRIQUE CATALÁN ORELLANA
CP-CA-2024-01536	ROMEO MONTERROSA ORELLANA
CP-CA-2024-01537	NORMA JUDITH PALACIOS COLINDRES
CP-CA-2024-01538	LUIS MARTÍN SUNUN
CP-CA-2024-01539	SILVIA MARÍA MORALES GONZÁLEZ
CP-CA-2024-01540	AURA MARINA MANCILLA SOLARES
CP-CA-2024-01541	HAROLD ESTUARDO ORTIZ PÉREZ
CP-CA-2024-01542	AMANDA ELIZABETH RIVERA LÓPEZ
CP-CA-2024-01543	LUISA ARESDITH AMÉZQUITA VELA
CP-CA-2024-01544	MARIO RENÉ GUERRA LUCAS
CP-CA-2024-01545	ANGEL ESTUARDO ROSELL RAMÍREZ
CP-CA-2024-01546	KARINA BEATRIZ GONZÁLEZ ESCOBAR
CP-CA-2024-01547	RAFAEL MORALES SOLARES
CP-CA-2024-01548	FREDY LÓPEZ CONTRERAS
CP-CA-2024-01549	LUIS FERNANDO AROCHE ARRECIS
CP-CA-2024-01550	EDGAR ALBERTO PÉREZ CIFUENTES
CP-CA-2024-01551	KAREN JAQUELINA SIERRA CASTILLO
CP-CA-2024-01552	DORIS LUCRECIA ALONSO HIDALGO

La presente publicación se realiza para los efectos legales que la Ley de Comisiones de Postulación establece en los artículos 2 literal d), 17 y 20, por lo que cualquier persona que conozca impedimentos los haga saber a la Comisión a través de la Secretaría, en forma escrita y en versión digital (PDF), en el salón Pedro Claver, (anexo cafetería central) ubicado en el Campus Central Universidad Rafael Landívar, Colonia Vista Hermosa III, zona 16, de la Ciudad de Guatemala, los días viernes 6 y sábado 7 de septiembre de 2024, en horario de 08:00 a 17:00 horas.

Los interesados deberán cumplir con los requisitos para la presentación de impedimentos, establecidos en el Reglamento Interno para el Desarrollo de las Sesiones de la Comisión de Postulación para Integrar Nómina de Postulados para la Elección de Magistrados de la Corte de Apelaciones y Otros Tribunales de Igual Categoría, publicado en el sitio web postulaciones.gt/cal

Lic. Oliver Fernando Díaz García
Secretario
(306015-2)-5-septiembre
